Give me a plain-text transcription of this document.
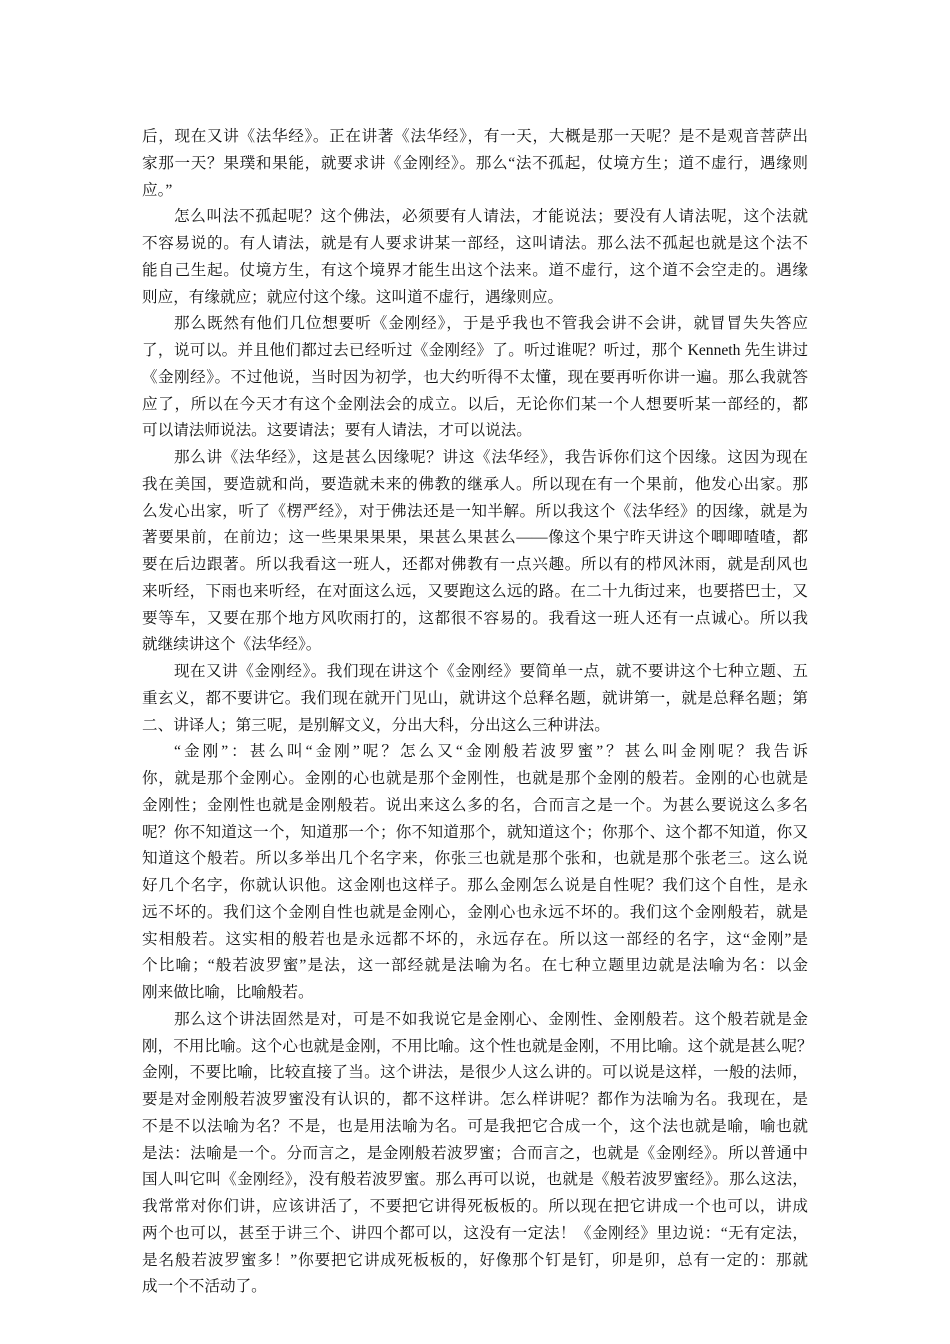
后，现在又讲《法华经》。正在讲著《法华经》，有一天，大概是那一天呢？是不是观音菩萨出
家那一天？果璞和果能，就要求讲《金刚经》。那么“法不孤起，仗境方生；道不虚行，遇缘则
应。”
怎么叫法不孤起呢？这个佛法，必须要有人请法，才能说法；要没有人请法呢，这个法就
不容易说的。有人请法，就是有人要求讲某一部经，这叫请法。那么法不孤起也就是这个法不
能自己生起。仗境方生，有这个境界才能生出这个法来。道不虚行，这个道不会空走的。遇缘
则应，有缘就应；就应付这个缘。这叫道不虚行，遇缘则应。
那么既然有他们几位想要听《金刚经》，于是乎我也不管我会讲不会讲，就冒冒失失答应
了，说可以。并且他们都过去已经听过《金刚经》了。听过谁呢？听过，那个 Kenneth 先生讲过
《金刚经》。不过他说，当时因为初学，也大约听得不太懂，现在要再听你讲一遍。那么我就答
应了，所以在今天才有这个金刚法会的成立。以后，无论你们某一个人想要听某一部经的，都
可以请法师说法。这要请法；要有人请法，才可以说法。
那么讲《法华经》，这是甚么因缘呢？讲这《法华经》，我告诉你们这个因缘。这因为现在
我在美国，要造就和尚，要造就未来的佛教的继承人。所以现在有一个果前，他发心出家。那
么发心出家，听了《楞严经》，对于佛法还是一知半解。所以我这个《法华经》的因缘，就是为
著要果前，在前边；这一些果果果果，果甚么果甚么——像这个果宁昨天讲这个唧唧喳喳，都
要在后边跟著。所以我看这一班人，还都对佛教有一点兴趣。所以有的栉风沐雨，就是刮风也
来听经，下雨也来听经，在对面这么远，又要跑这么远的路。在二十九街过来，也要搭巴士，又
要等车，又要在那个地方风吹雨打的，这都很不容易的。我看这一班人还有一点诚心。所以我
就继续讲这个《法华经》。
现在又讲《金刚经》。我们现在讲这个《金刚经》要简单一点，就不要讲这个七种立题、五
重玄义，都不要讲它。我们现在就开门见山，就讲这个总释名题，就讲第一，就是总释名题；第
二、讲译人；第三呢，是别解文义，分出大科，分出这么三种讲法。
“金刚”：甚么叫“金刚”呢？怎么又“金刚般若波罗蜜”？甚么叫金刚呢？我告诉
你，就是那个金刚心。金刚的心也就是那个金刚性，也就是那个金刚的般若。金刚的心也就是
金刚性；金刚性也就是金刚般若。说出来这么多的名，合而言之是一个。为甚么要说这么多名
呢？你不知道这一个，知道那一个；你不知道那个，就知道这个；你那个、这个都不知道，你又
知道这个般若。所以多举出几个名字来，你张三也就是那个张和，也就是那个张老三。这么说
好几个名字，你就认识他。这金刚也这样子。那么金刚怎么说是自性呢？我们这个自性，是永
远不坏的。我们这个金刚自性也就是金刚心，金刚心也永远不坏的。我们这个金刚般若，就是
实相般若。这实相的般若也是永远都不坏的，永远存在。所以这一部经的名字，这“金刚”是
个比喻；“般若波罗蜜”是法，这一部经就是法喻为名。在七种立题里边就是法喻为名：以金
刚来做比喻，比喻般若。
那么这个讲法固然是对，可是不如我说它是金刚心、金刚性、金刚般若。这个般若就是金
刚，不用比喻。这个心也就是金刚，不用比喻。这个性也就是金刚，不用比喻。这个就是甚么呢？
金刚，不要比喻，比较直接了当。这个讲法，是很少人这么讲的。可以说是这样，一般的法师，
要是对金刚般若波罗蜜没有认识的，都不这样讲。怎么样讲呢？都作为法喻为名。我现在，是
不是不以法喻为名？不是，也是用法喻为名。可是我把它合成一个，这个法也就是喻，喻也就
是法：法喻是一个。分而言之，是金刚般若波罗蜜；合而言之，也就是《金刚经》。所以普通中
国人叫它叫《金刚经》，没有般若波罗蜜。那么再可以说，也就是《般若波罗蜜经》。那么这法，
我常常对你们讲，应该讲活了，不要把它讲得死板板的。所以现在把它讲成一个也可以，讲成
两个也可以，甚至于讲三个、讲四个都可以，这没有一定法！《金刚经》里边说：“无有定法，
是名般若波罗蜜多！”你要把它讲成死板板的，好像那个钉是钉，卯是卯，总有一定的：那就
成一个不活动了。
